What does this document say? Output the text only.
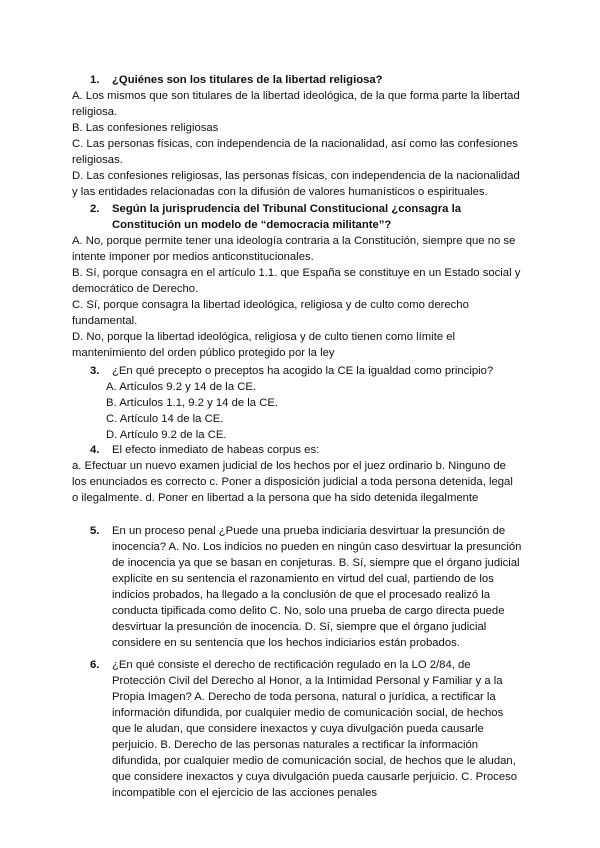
1.	¿Quiénes son los titulares de la libertad religiosa?

A. Los mismos que son titulares de la libertad ideológica, de la que forma parte la libertad religiosa.

B. Las confesiones religiosas

C. Las personas físicas, con independencia de la nacionalidad, así como las confesiones religiosas.

D. Las confesiones religiosas, las personas físicas, con independencia de la nacionalidad y las entidades relacionadas con la difusión de valores humanísticos o espirituales.

2.	Según la jurisprudencia del Tribunal Constitucional ¿consagra la Constitución un modelo de “democracia militante”?

A. No, porque permite tener una ideología contraria a la Constitución, siempre que no se intente imponer por medios anticonstitucionales.

B. Sí, porque consagra en el artículo 1.1. que España se constituye en un Estado social y democrático de Derecho.

C. Sí, porque consagra la libertad ideológica, religiosa y de culto como derecho fundamental.

D. No, porque la libertad ideológica, religiosa y de culto tienen como límite el mantenimiento del orden público protegido por la ley

3.	¿En qué precepto o preceptos ha acogido la CE la igualdad como principio?

A. Artículos 9.2 y 14 de la CE.

B. Artículos 1.1, 9.2 y 14 de la CE.

C. Artículo 14 de la CE.

D. Artículo 9.2 de la CE.

4.	El efecto inmediato de habeas corpus es:

a. Efectuar un nuevo examen judicial de los hechos por el juez ordinario b. Ninguno de los enunciados es correcto c. Poner a disposición judicial a toda persona detenida, legal o ilegalmente. d. Poner en libertad a la persona que ha sido detenida ilegalmente

5.	En un proceso penal ¿Puede una prueba indiciaria desvirtuar la presunción de inocencia? A. No. Los indicios no pueden en ningún caso desvirtuar la presunción de inocencia ya que se basan en conjeturas. B. Sí, siempre que el órgano judicial explicite en su sentencia el razonamiento en virtud del cual, partiendo de los indicios probados, ha llegado a la conclusión de que el procesado realizó la conducta tipificada como delito C. No, solo una prueba de cargo directa puede desvirtuar la presunción de inocencia. D. Sí, siempre que el órgano judicial considere en su sentencia que los hechos indiciarios están probados.
6.	¿En qué consiste el derecho de rectificación regulado en la LO 2/84, de Protección Civil del Derecho al Honor, a la Intimidad Personal y Familiar y a la Propia Imagen? A. Derecho de toda persona, natural o jurídica, a rectificar la información difundida, por cualquier medio de comunicación social, de hechos que le aludan, que considere inexactos y cuya divulgación pueda causarle perjuicio. B. Derecho de las personas naturales a rectificar la información difundida, por cualquier medio de comunicación social, de hechos que le aludan, que considere inexactos y cuya divulgación pueda causarle perjuicio. C. Proceso incompatible con el ejercicio de las acciones penales
